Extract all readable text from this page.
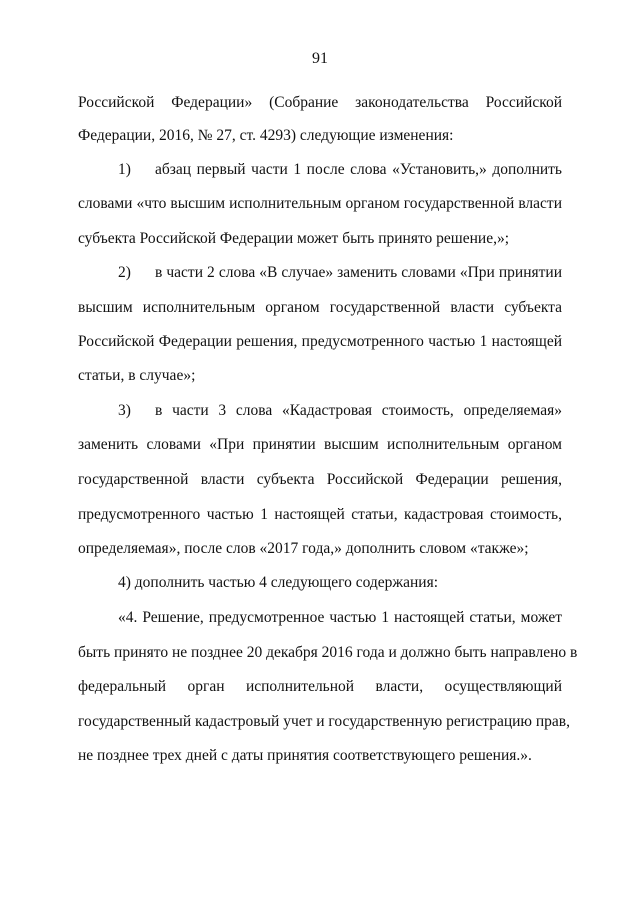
91
Российской Федерации» (Собрание законодательства Российской
Федерации, 2016, № 27, ст. 4293) следующие изменения:
1) абзац первый части 1 после слова «Установить,» дополнить
словами «что высшим исполнительным органом государственной власти
субъекта Российской Федерации может быть принято решение,»;
2) в части 2 слова «В случае» заменить словами «При принятии
высшим исполнительным органом государственной власти субъекта
Российской Федерации решения, предусмотренного частью 1 настоящей
статьи, в случае»;
3) в части 3 слова «Кадастровая стоимость, определяемая»
заменить словами «При принятии высшим исполнительным органом
государственной власти субъекта Российской Федерации решения,
предусмотренного частью 1 настоящей статьи, кадастровая стоимость,
определяемая», после слов «2017 года,» дополнить словом «также»;
4) дополнить частью 4 следующего содержания:
«4. Решение, предусмотренное частью 1 настоящей статьи, может
быть принято не позднее 20 декабря 2016 года и должно быть направлено в
федеральный орган исполнительной власти, осуществляющий
государственный кадастровый учет и государственную регистрацию прав,
не позднее трех дней с даты принятия соответствующего решения.».
